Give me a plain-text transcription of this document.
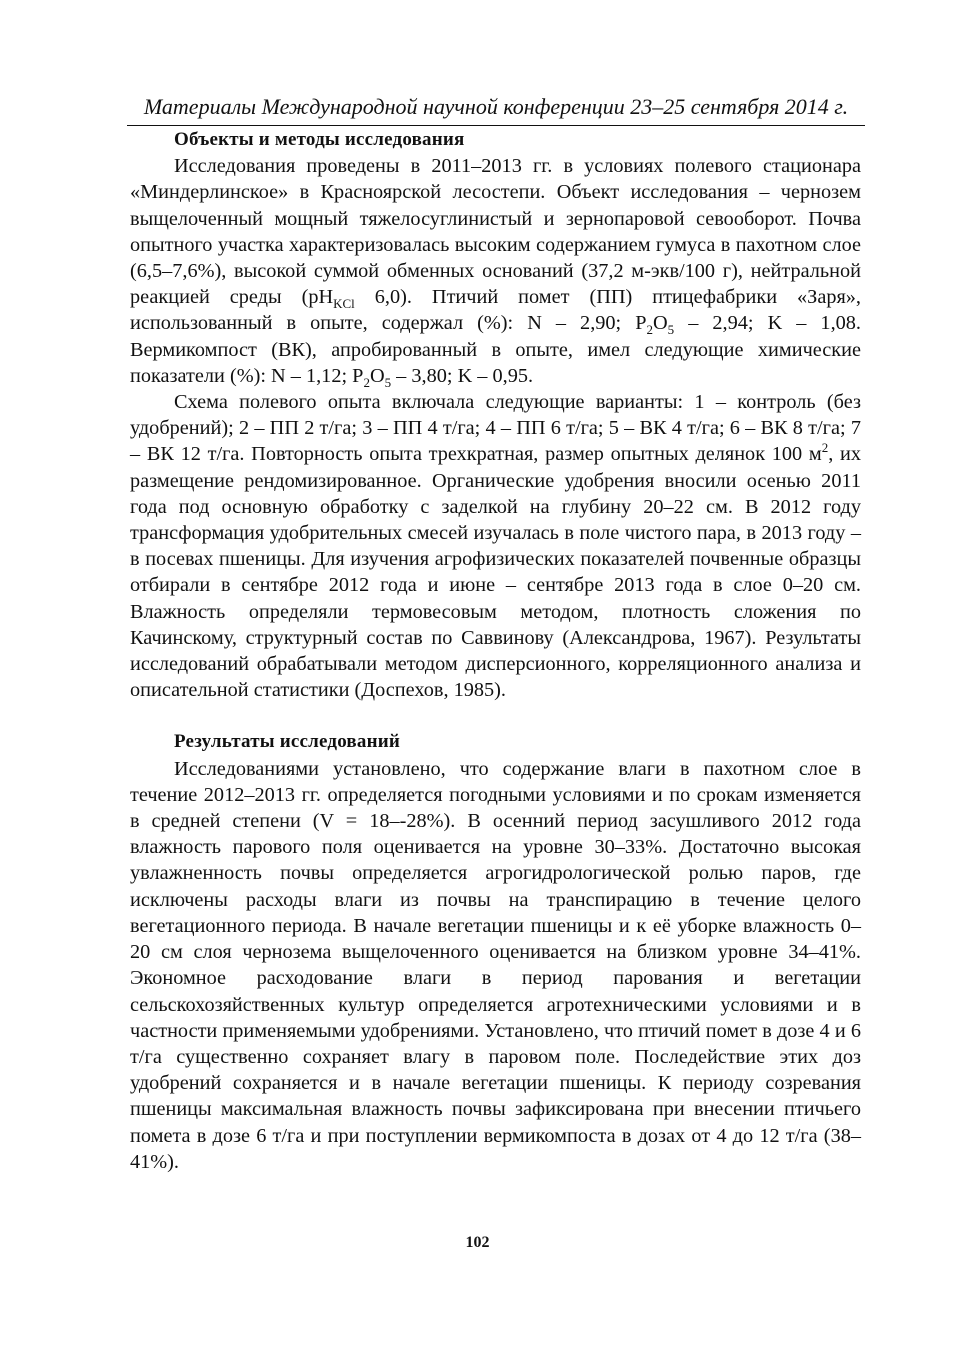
Материалы Международной научной конференции 23–25 сентября 2014 г.
Объекты и методы исследования

Исследования проведены в 2011–2013 гг. в условиях полевого стационара «Миндерлинское» в Красноярской лесостепи. Объект исследования – чернозем выщелоченный мощный тяжелосуглинистый и зернопаровой севооборот. Почва опытного участка характеризовалась высоким содержанием гумуса в пахотном слое (6,5–7,6%), высокой суммой обменных оснований (37,2 м-экв/100 г), нейтральной реакцией среды ($pH_{KCl}$ 6,0). Птичий помет (ПП) птицефабрики «Заря», использованный в опыте, содержал (%): N – 2,90; $P_2O_5 - 2,94$; K – 1,08. Вермикомпост (ВК), апробированный в опыте, имел следующие химические показатели (%): N – 1,12; $P_2O_5 - 3,80$; K – 0,95.

Схема полевого опыта включала следующие варианты: 1 – контроль (без удобрений); 2 – ПП 2 т/га; 3 – ПП 4 т/га; 4 – ПП 6 т/га; 5 – ВК 4 т/га; 6 – ВК 8 т/га; 7 – ВК 12 т/га. Повторность опыта трехкратная, размер опытных делянок 100 $м^2$, их размещение рендомизированное. Органические удобрения вносили осенью 2011 года под основную обработку с заделкой на глубину 20–22 см. В 2012 году трансформация удобрительных смесей изучалась в поле чистого пара, в 2013 году – в посевах пшеницы. Для изучения агрофизических показателей почвенные образцы отбирали в сентябре 2012 года и июне – сентябре 2013 года в слое 0–20 см. Влажность определяли термовесовым методом, плотность сложения по Качинскому, структурный состав по Саввинову (Александрова, 1967). Результаты исследований обрабатывали методом дисперсионного, корреляционного анализа и описательной статистики (Доспехов, 1985).

Результаты исследований

Исследованиями установлено, что содержание влаги в пахотном слое в течение 2012–2013 гг. определяется погодными условиями и по срокам изменяется в средней степени (V = 18–-28%). В осенний период засушливого 2012 года влажность парового поля оценивается на уровне 30–33%. Достаточно высокая увлажненность почвы определяется агрогидрологической ролью паров, где исключены расходы влаги из почвы на транспирацию в течение целого вегетационного периода. В начале вегетации пшеницы и к её уборке влажность 0–20 см слоя чернозема выщелоченного оценивается на близком уровне 34–41%. Экономное расходование влаги в период парования и вегетации сельскохозяйственных культур определяется агротехническими условиями и в частности применяемыми удобрениями. Установлено, что птичий помет в дозе 4 и 6 т/га существенно сохраняет влагу в паровом поле. Последействие этих доз удобрений сохраняется и в начале вегетации пшеницы. К периоду созревания пшеницы максимальная влажность почвы зафиксирована при внесении птичьего помета в дозе 6 т/га и при поступлении вермикомпоста в дозах от 4 до 12 т/га (38–41%).

102
